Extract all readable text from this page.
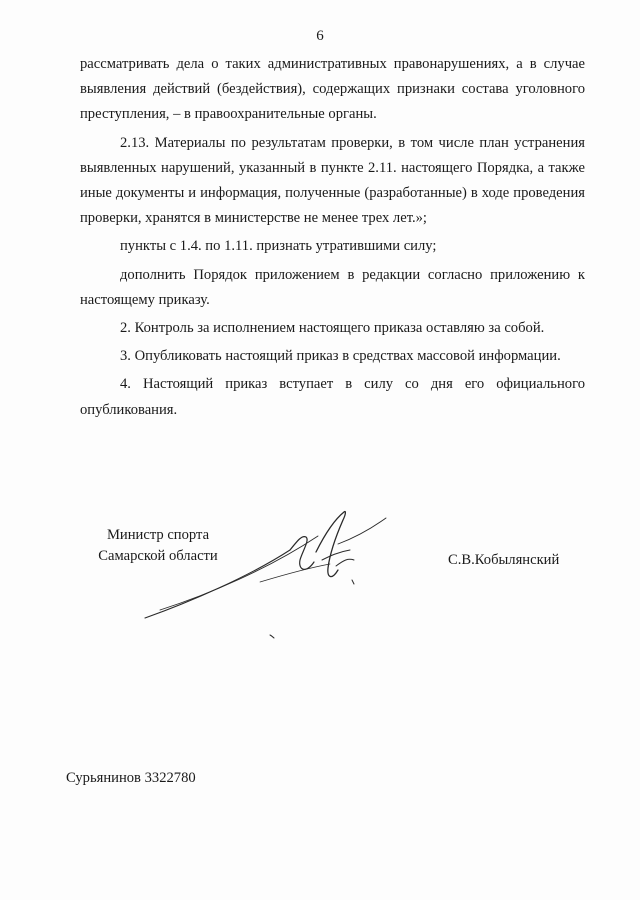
6

рассматривать дела о таких административных правонарушениях, а в случае выявления действий (бездействия), содержащих признаки состава уголовного преступления, – в правоохранительные органы.

2.13. Материалы по результатам проверки, в том числе план устранения выявленных нарушений, указанный в пункте 2.11. настоящего Порядка, а также иные документы и информация, полученные (разработанные) в ходе проведения проверки, хранятся в министерстве не менее трех лет.»;

пункты с 1.4. по 1.11. признать утратившими силу;

дополнить Порядок приложением в редакции согласно приложению к настоящему приказу.

2. Контроль за исполнением настоящего приказа оставляю за собой.

3. Опубликовать настоящий приказ в средствах массовой информации.

4. Настоящий приказ вступает в силу со дня его официального опубликования.

Министр спорта
Самарской области	С.В.Кобылянский
Сурьянинов 3322780
